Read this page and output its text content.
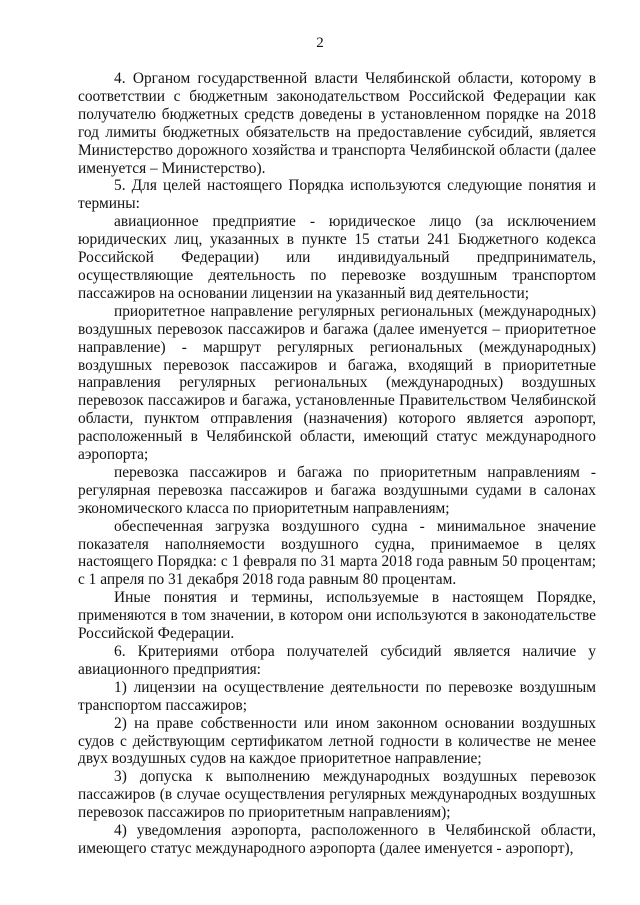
2

4. Органом государственной власти Челябинской области, которому в соответствии с бюджетным законодательством Российской Федерации как получателю бюджетных средств доведены в установленном порядке на 2018 год лимиты бюджетных обязательств на предоставление субсидий, является Министерство дорожного хозяйства и транспорта Челябинской области (далее именуется – Министерство).

5. Для целей настоящего Порядка используются следующие понятия и термины:

авиационное предприятие - юридическое лицо (за исключением юридических лиц, указанных в пункте 15 статьи 241 Бюджетного кодекса Российской Федерации) или индивидуальный предприниматель, осуществляющие деятельность по перевозке воздушным транспортом пассажиров на основании лицензии на указанный вид деятельности;

приоритетное направление регулярных региональных (международных) воздушных перевозок пассажиров и багажа (далее именуется – приоритетное направление) - маршрут регулярных региональных (международных) воздушных перевозок пассажиров и багажа, входящий в приоритетные направления регулярных региональных (международных) воздушных перевозок пассажиров и багажа, установленные Правительством Челябинской области, пунктом отправления (назначения) которого является аэропорт, расположенный в Челябинской области, имеющий статус международного аэропорта;

перевозка пассажиров и багажа по приоритетным направлениям - регулярная перевозка пассажиров и багажа воздушными судами в салонах экономического класса по приоритетным направлениям;

обеспеченная загрузка воздушного судна - минимальное значение показателя наполняемости воздушного судна, принимаемое в целях настоящего Порядка: с 1 февраля по 31 марта 2018 года равным 50 процентам; с 1 апреля по 31 декабря 2018 года равным 80 процентам.

Иные понятия и термины, используемые в настоящем Порядке, применяются в том значении, в котором они используются в законодательстве Российской Федерации.

6. Критериями отбора получателей субсидий является наличие у авиационного предприятия:

1) лицензии на осуществление деятельности по перевозке воздушным транспортом пассажиров;

2) на праве собственности или ином законном основании воздушных судов с действующим сертификатом летной годности в количестве не менее двух воздушных судов на каждое приоритетное направление;

3) допуска к выполнению международных воздушных перевозок пассажиров (в случае осуществления регулярных международных воздушных перевозок пассажиров по приоритетным направлениям);

4) уведомления аэропорта, расположенного в Челябинской области, имеющего статус международного аэропорта (далее именуется - аэропорт),
